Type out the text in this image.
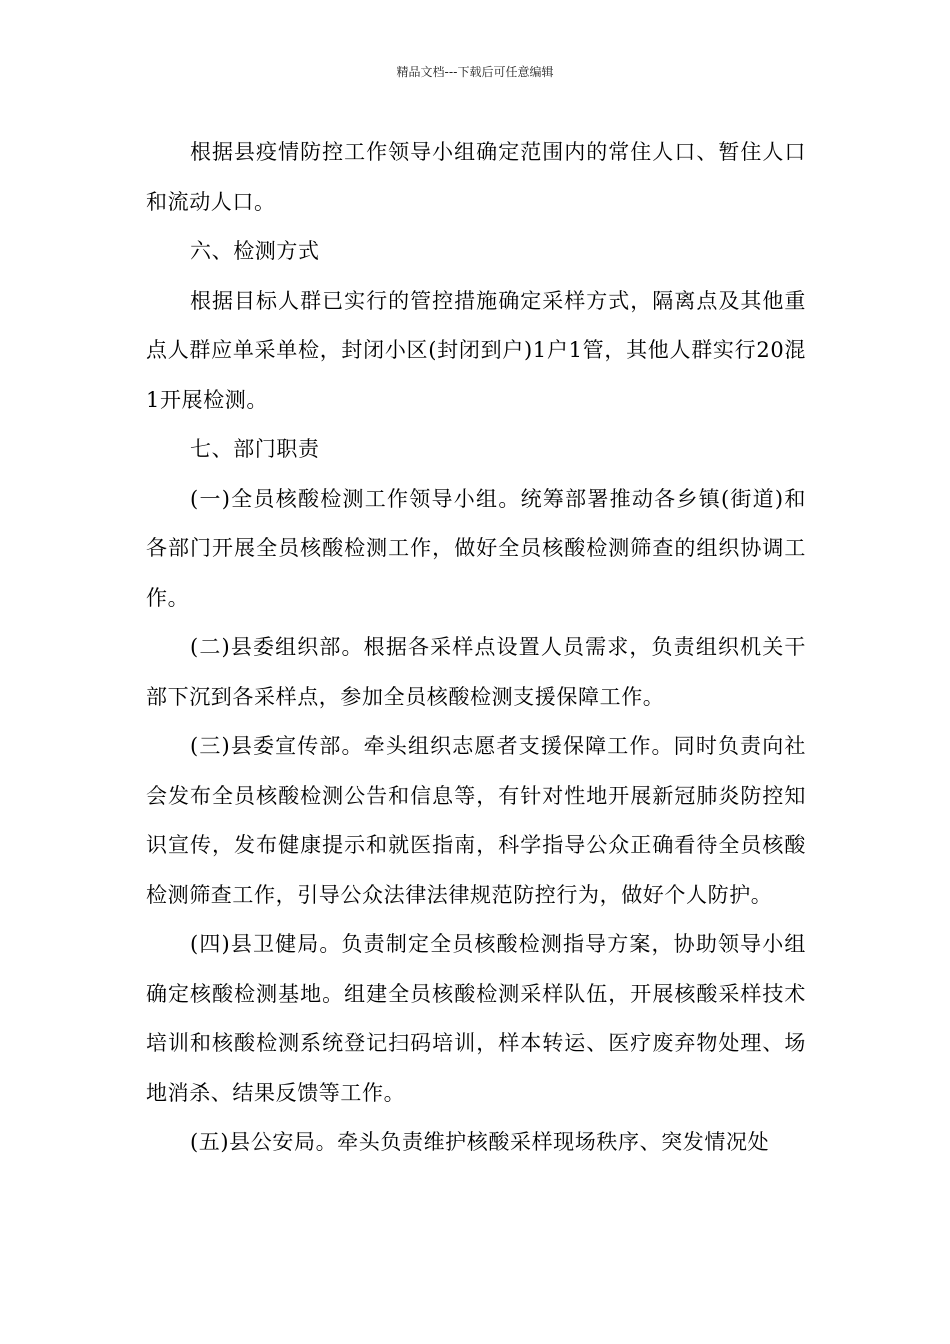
精品文档---下载后可任意编辑

根据县疫情防控工作领导小组确定范围内的常住人口、暂住人口和流动人口。

六、检测方式

根据目标人群已实行的管控措施确定采样方式，隔离点及其他重点人群应单采单检，封闭小区(封闭到户)1户1管，其他人群实行20混1开展检测。

七、部门职责

(一)全员核酸检测工作领导小组。统筹部署推动各乡镇(街道)和各部门开展全员核酸检测工作，做好全员核酸检测筛查的组织协调工作。

(二)县委组织部。根据各采样点设置人员需求，负责组织机关干部下沉到各采样点，参加全员核酸检测支援保障工作。

(三)县委宣传部。牵头组织志愿者支援保障工作。同时负责向社会发布全员核酸检测公告和信息等，有针对性地开展新冠肺炎防控知识宣传，发布健康提示和就医指南，科学指导公众正确看待全员核酸检测筛查工作，引导公众法律法律规范防控行为，做好个人防护。

(四)县卫健局。负责制定全员核酸检测指导方案，协助领导小组确定核酸检测基地。组建全员核酸检测采样队伍，开展核酸采样技术培训和核酸检测系统登记扫码培训，样本转运、医疗废弃物处理、场地消杀、结果反馈等工作。

(五)县公安局。牵头负责维护核酸采样现场秩序、突发情况处
